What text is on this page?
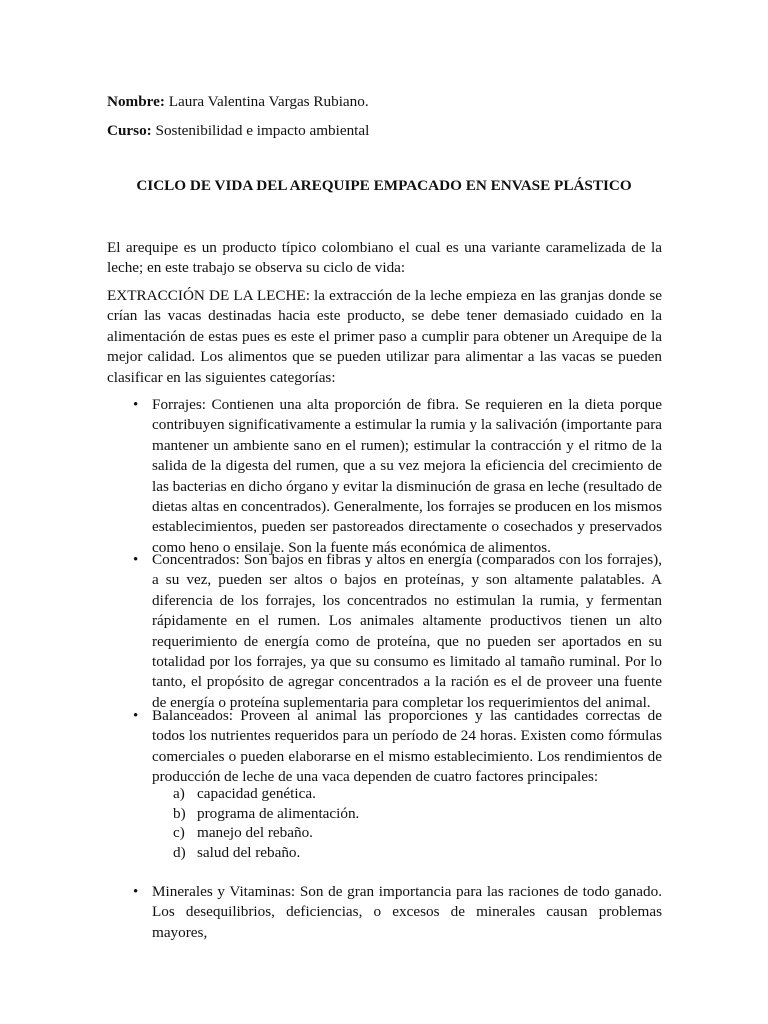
Nombre: Laura Valentina Vargas Rubiano.
Curso: Sostenibilidad e impacto ambiental
CICLO DE VIDA DEL AREQUIPE EMPACADO EN ENVASE PLÁSTICO

El arequipe es un producto típico colombiano el cual es una variante caramelizada de la leche; en este trabajo se observa su ciclo de vida:

EXTRACCIÓN DE LA LECHE: la extracción de la leche empieza en las granjas donde se crían las vacas destinadas hacia este producto, se debe tener demasiado cuidado en la alimentación de estas pues es este el primer paso a cumplir para obtener un Arequipe de la mejor calidad. Los alimentos que se pueden utilizar para alimentar a las vacas se pueden clasificar en las siguientes categorías:

• Forrajes: Contienen una alta proporción de fibra. Se requieren en la dieta porque contribuyen significativamente a estimular la rumia y la salivación (importante para mantener un ambiente sano en el rumen); estimular la contracción y el ritmo de la salida de la digesta del rumen, que a su vez mejora la eficiencia del crecimiento de las bacterias en dicho órgano y evitar la disminución de grasa en leche (resultado de dietas altas en concentrados). Generalmente, los forrajes se producen en los mismos establecimientos, pueden ser pastoreados directamente o cosechados y preservados como heno o ensilaje. Son la fuente más económica de alimentos.

• Concentrados: Son bajos en fibras y altos en energía (comparados con los forrajes), a su vez, pueden ser altos o bajos en proteínas, y son altamente palatables. A diferencia de los forrajes, los concentrados no estimulan la rumia, y fermentan rápidamente en el rumen. Los animales altamente productivos tienen un alto requerimiento de energía como de proteína, que no pueden ser aportados en su totalidad por los forrajes, ya que su consumo es limitado al tamaño ruminal. Por lo tanto, el propósito de agregar concentrados a la ración es el de proveer una fuente de energía o proteína suplementaria para completar los requerimientos del animal.

• Balanceados: Proveen al animal las proporciones y las cantidades correctas de todos los nutrientes requeridos para un período de 24 horas. Existen como fórmulas comerciales o pueden elaborarse en el mismo establecimiento. Los rendimientos de producción de leche de una vaca dependen de cuatro factores principales:

a) capacidad genética.
b) programa de alimentación.
c) manejo del rebaño.
d) salud del rebaño.
• Minerales y Vitaminas: Son de gran importancia para las raciones de todo ganado. Los desequilibrios, deficiencias, o excesos de minerales causan problemas mayores,
